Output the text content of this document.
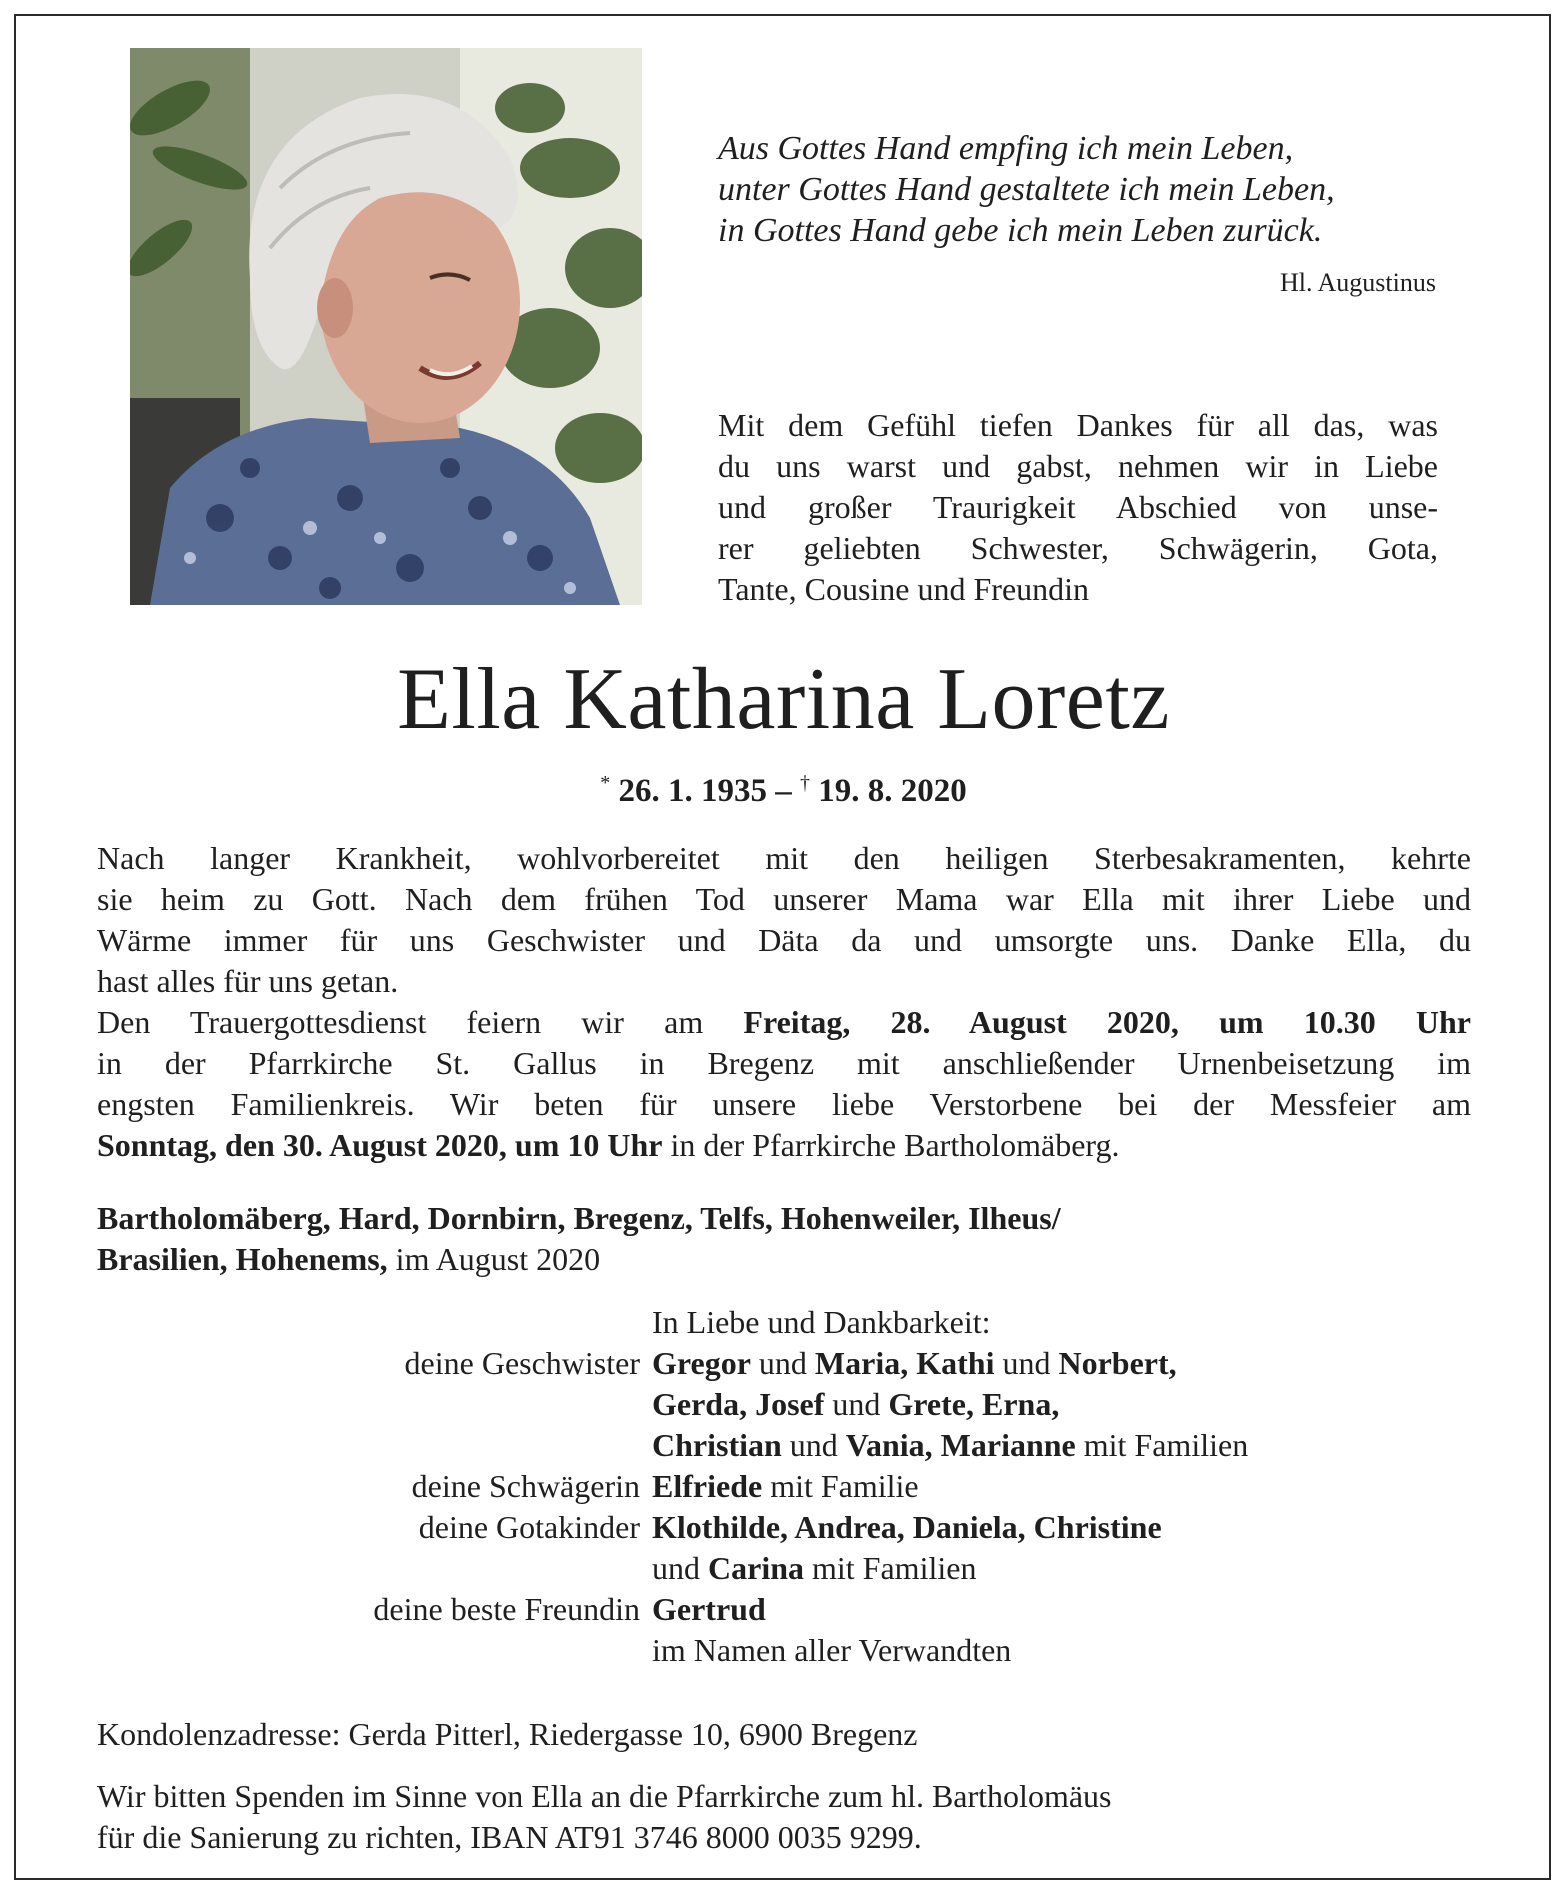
Aus Gottes Hand empfing ich mein Leben,
unter Gottes Hand gestaltete ich mein Leben,
in Gottes Hand gebe ich mein Leben zurück.
Hl. Augustinus
Mit dem Gefühl tiefen Dankes für all das, was
du uns warst und gabst, nehmen wir in Liebe
und großer Traurigkeit Abschied von unse-
rer geliebten Schwester, Schwägerin, Gota,
Tante, Cousine und Freundin
Ella Katharina Loretz
* 26. 1. 1935 – † 19. 8. 2020
Nach langer Krankheit, wohlvorbereitet mit den heiligen Sterbesakramenten, kehrte
sie heim zu Gott. Nach dem frühen Tod unserer Mama war Ella mit ihrer Liebe und
Wärme immer für uns Geschwister und Däta da und umsorgte uns. Danke Ella, du
hast alles für uns getan.
Den Trauergottesdienst feiern wir am Freitag, 28. August 2020, um 10.30 Uhr
in der Pfarrkirche St. Gallus in Bregenz mit anschließender Urnenbeisetzung im
engsten Familienkreis. Wir beten für unsere liebe Verstorbene bei der Messfeier am
Sonntag, den 30. August 2020, um 10 Uhr in der Pfarrkirche Bartholomäberg.
Bartholomäberg, Hard, Dornbirn, Bregenz, Telfs, Hohenweiler, Ilheus/
Brasilien, Hohenems, im August 2020
In Liebe und Dankbarkeit:
deine Geschwister Gregor und Maria, Kathi und Norbert,
Gerda, Josef und Grete, Erna,
Christian und Vania, Marianne mit Familien
deine Schwägerin Elfriede mit Familie
deine Gotakinder Klothilde, Andrea, Daniela, Christine
und Carina mit Familien
deine beste Freundin Gertrud
im Namen aller Verwandten
Kondolenzadresse: Gerda Pitterl, Riedergasse 10, 6900 Bregenz
Wir bitten Spenden im Sinne von Ella an die Pfarrkirche zum hl. Bartholomäus
für die Sanierung zu richten, IBAN AT91 3746 8000 0035 9299.
